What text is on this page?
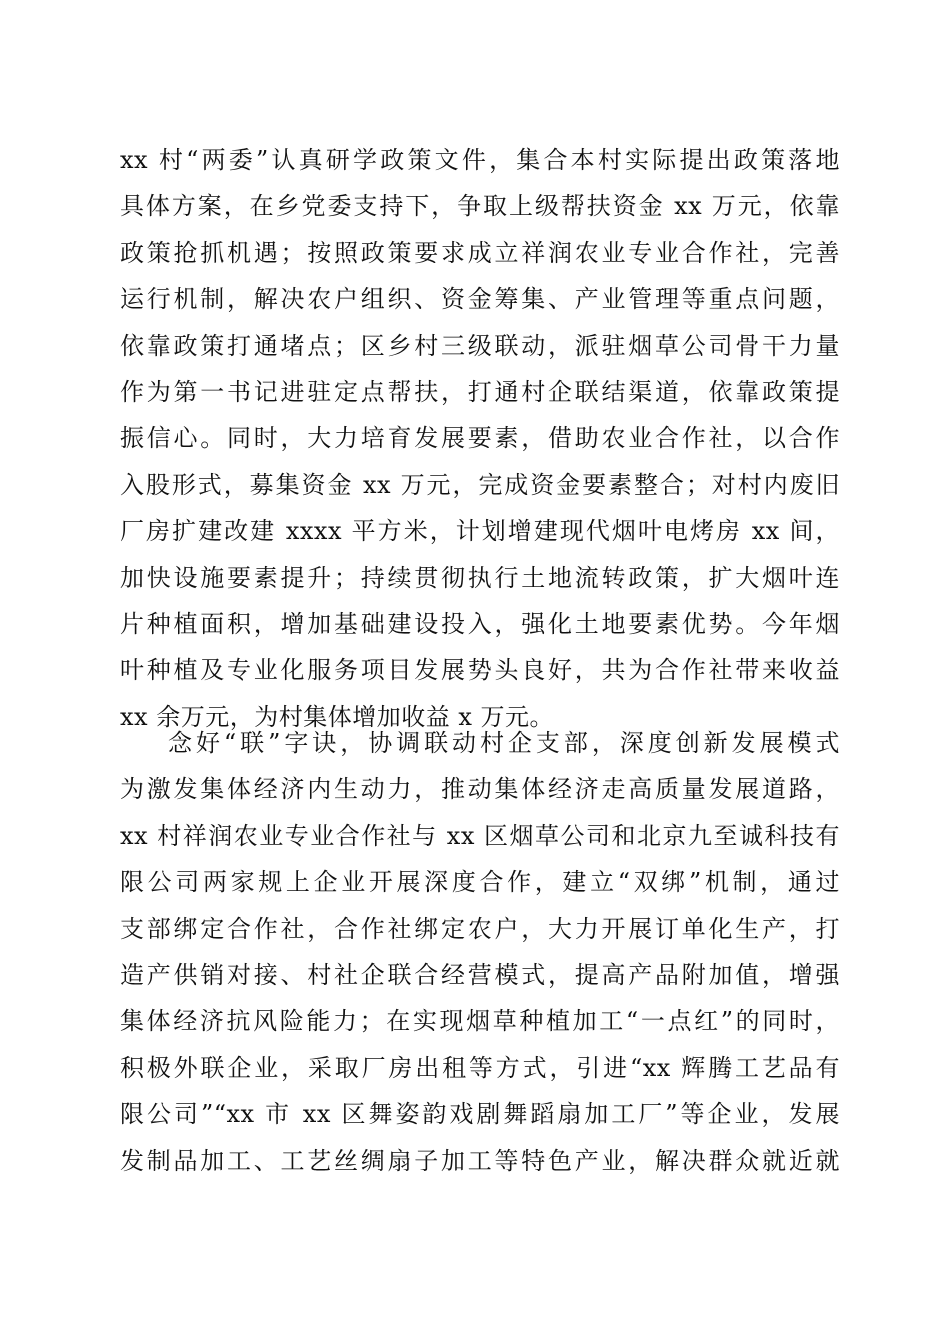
xx 村“两委”认真研学政策文件，集合本村实际提出政策落地
具体方案，在乡党委支持下，争取上级帮扶资金 xx 万元，依靠
政策抢抓机遇；按照政策要求成立祥润农业专业合作社，完善
运行机制，解决农户组织、资金筹集、产业管理等重点问题，
依靠政策打通堵点；区乡村三级联动，派驻烟草公司骨干力量
作为第一书记进驻定点帮扶，打通村企联结渠道，依靠政策提
振信心。同时，大力培育发展要素，借助农业合作社，以合作
入股形式，募集资金 xx 万元，完成资金要素整合；对村内废旧
厂房扩建改建 xxxx 平方米，计划增建现代烟叶电烤房 xx 间，
加快设施要素提升；持续贯彻执行土地流转政策，扩大烟叶连
片种植面积，增加基础建设投入，强化土地要素优势。今年烟
叶种植及专业化服务项目发展势头良好，共为合作社带来收益
xx 余万元，为村集体增加收益 x 万元。
念好“联”字诀，协调联动村企支部，深度创新发展模式
为激发集体经济内生动力，推动集体经济走高质量发展道路，
xx 村祥润农业专业合作社与 xx 区烟草公司和北京九至诚科技有
限公司两家规上企业开展深度合作，建立“双绑”机制，通过
支部绑定合作社，合作社绑定农户，大力开展订单化生产，打
造产供销对接、村社企联合经营模式，提高产品附加值，增强
集体经济抗风险能力；在实现烟草种植加工“一点红”的同时，
积极外联企业，采取厂房出租等方式，引进“xx 辉腾工艺品有
限公司”“xx 市 xx 区舞姿韵戏剧舞蹈扇加工厂”等企业，发展
发制品加工、工艺丝绸扇子加工等特色产业，解决群众就近就
